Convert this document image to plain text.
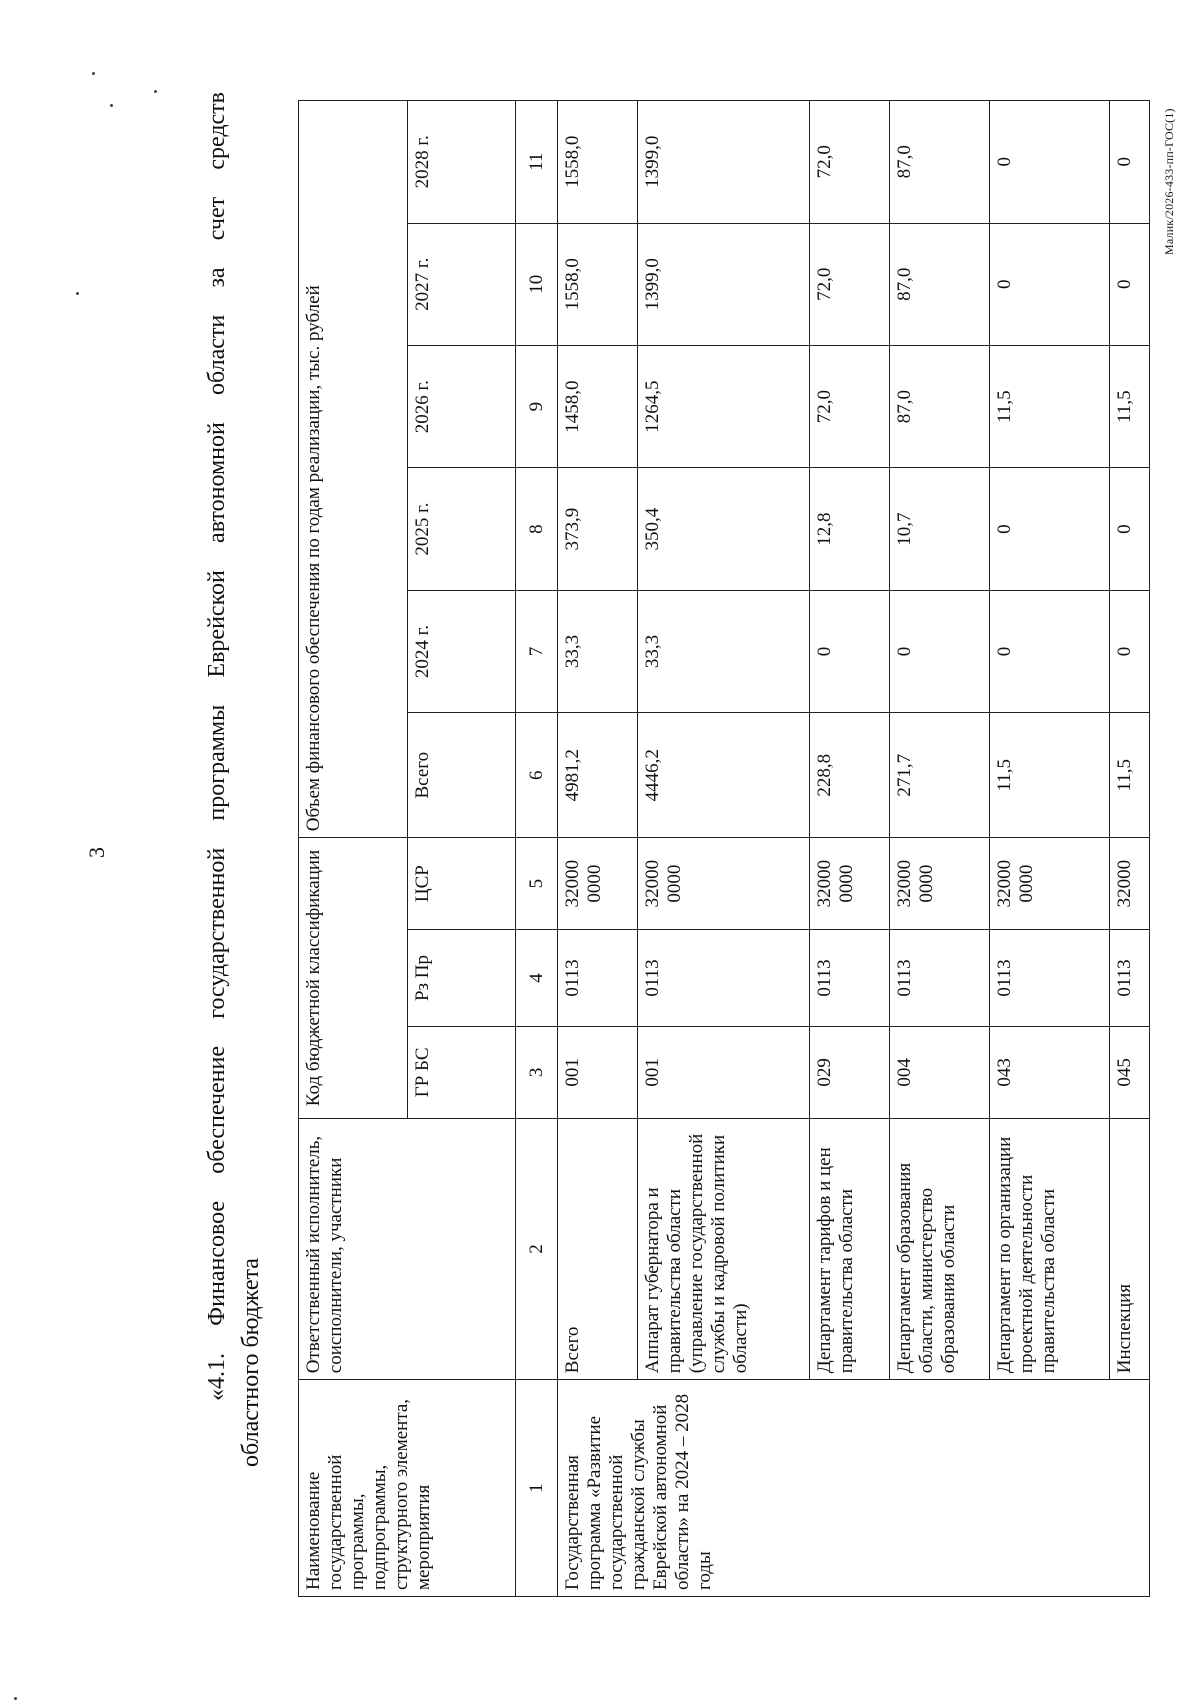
3
«4.1.
Финансовое
обеспечение
государственной
программы
Еврейской
автономной
области
за
счет
средств
областного бюджета
Наименование государственной программы, подпрограммы, структурного элемента, мероприятия	Ответственный исполнитель, соисполнители, участники	Код бюджетной классификации			Объем финансового обеспечения по годам реализации, тыс. рублей					
		ГР БС	Рз Пр	ЦСР	Всего	2024 г.	2025 г.	2026 г.	2027 г.	2028 г.
1	2	3	4	5	6	7	8	9	10	11
Государственная программа «Развитие государственной гражданской службы Еврейской автономной области» на 2024 – 2028 годы	Всего	001	0113	32000 0000	4981,2	33,3	373,9	1458,0	1558,0	1558,0
	Аппарат губернатора и правительства области (управление государственной службы и кадровой политики области)	001	0113	32000 0000	4446,2	33,3	350,4	1264,5	1399,0	1399,0
	Департамент тарифов и цен правительства области	029	0113	32000 0000	228,8	0	12,8	72,0	72,0	72,0
	Департамент образования области, министерство образования области	004	0113	32000 0000	271,7	0	10,7	87,0	87,0	87,0
	Департамент по организации проектной деятельности правительства области	043	0113	32000 0000	11,5	0	0	11,5	0	0
	Инспекция	045	0113	32000	11,5	0	0	11,5	0	0 Малик/2026-433-пп-ГОС(1)
